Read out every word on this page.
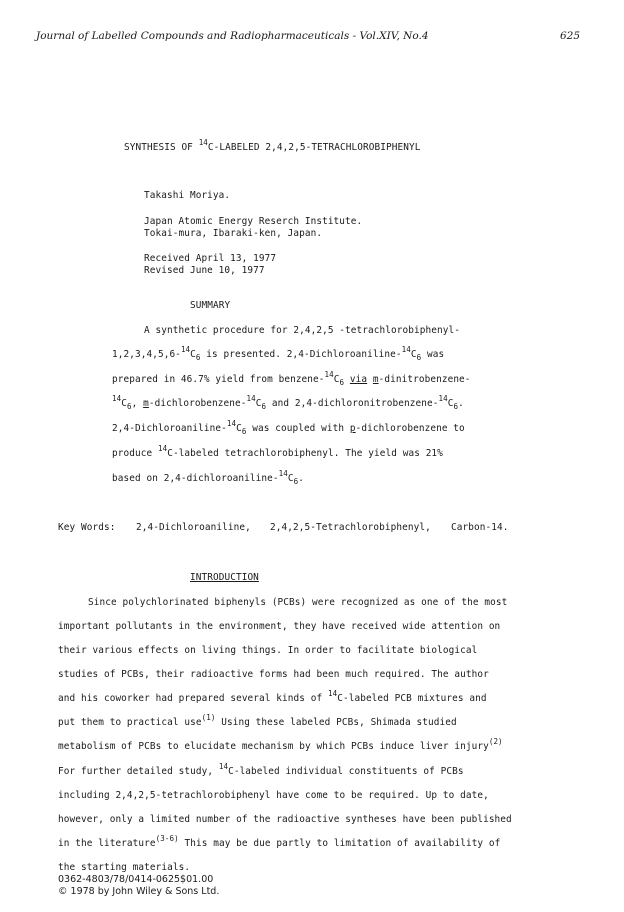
Journal of Labelled Compounds and Radiopharmaceuticals - Vol.XIV, No.4	625
SYNTHESIS OF $^{14}$C-LABELED 2,4,2,5-TETRACHLOROBIPHENYL
Takashi Moriya.
Japan Atomic Energy Reserch Institute.
Tokai-mura, Ibaraki-ken, Japan.
Received April 13, 1977
Revised June 10, 1977
SUMMARY
A synthetic procedure for 2,4,2,5 -tetrachlorobiphenyl-
$1,2,3,4,5,6-^{14}C_6$ is presented. $2,4-Dichloroaniline-^{14}C_6$ was
prepared in 46.7% yield from benzene-$^{14}C_6$ via m-dinitrobenzene-
$^{14}C_6$, $m-dichlorobenzene-^{14}C_6$ and $2,4-dichloronitrobenzene-^{14}C_6$.
$2,4-Dichloroaniline-^{14}C_6$ was coupled with p-dichlorobenzene to
produce $^{14}$C-labeled tetrachlorobiphenyl. The yield was 21%
based on $2,4-dichloroaniline-^{14}C_6$.
Key Words: 2,4-Dichloroaniline, 2,4,2,5-Tetrachlorobiphenyl, Carbon-14.
INTRODUCTION
Since polychlorinated biphenyls (PCBs) were recognized as one of the most
important pollutants in the environment, they have received wide attention on
their various effects on living things. In order to facilitate biological
studies of PCBs, their radioactive forms had been much required. The author
and his coworker had prepared several kinds of $^{14}$C-labeled PCB mixtures and
put them to practical use$^{(1)}$ Using these labeled PCBs, Shimada studied
metabolism of PCBs to elucidate mechanism by which PCBs induce liver injury$^{(2)}$
For further detailed study, $^{14}$C-labeled individual constituents of PCBs
including 2,4,2,5-tetrachlorobiphenyl have come to be required. Up to date,
however, only a limited number of the radioactive syntheses have been published
in the literature$^{(3-6)}$ This may be due partly to limitation of availability of
the starting materials.
0362-4803/78/0414-0625$01.00
© 1978 by John Wiley & Sons Ltd.
